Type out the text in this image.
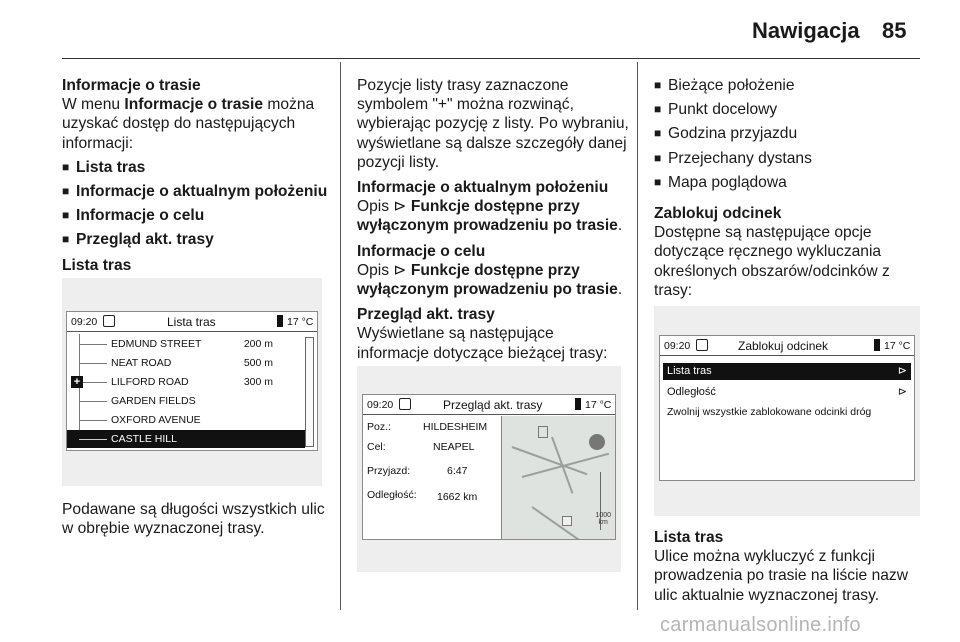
Nawigacja 85

Informacje o trasie

W menu Informacje o trasie można uzyskać dostęp do następujących informacji:

■ Lista tras
■ Informacje o aktualnym położeniu
■ Informacje o celu
■ Przegląd akt. trasy

Lista tras

09:20	Lista tras	17 °C
EDMUND STREET	200 m
NEAT ROAD	500 m
LILFORD ROAD	300 m
+
GARDEN FIELDS
OXFORD AVENUE
CASTLE HILL

Podawane są długości wszystkich ulic w obrębie wyznaczonej trasy.

Pozycje listy trasy zaznaczone symbolem "+" można rozwinąć, wybierając pozycję z listy. Po wybraniu, wyświetlane są dalsze szczegóły danej pozycji listy.

Informacje o aktualnym położeniu

Opis ⊳ Funkcje dostępne przy wyłączonym prowadzeniu po trasie.

Informacje o celu

Opis ⊳ Funkcje dostępne przy wyłączonym prowadzeniu po trasie.

Przegląd akt. trasy

Wyświetlane są następujące informacje dotyczące bieżącej trasy:

09:20	Przegląd akt. trasy	17 °C
Poz.:	HILDESHEIM
Cel:	NEAPEL
Przyjazd:	6:47
Odległość: 1662 km
1000
km
■ Bieżące położenie
■ Punkt docelowy
■ Godzina przyjazdu
■ Przejechany dystans
■ Mapa poglądowa

Zablokuj odcinek

Dostępne są następujące opcje dotyczące ręcznego wykluczania określonych obszarów/odcinków z trasy:

09:20	Zablokuj odcinek	17 °C
Lista tras	⊳
Odległość	⊳
Zwolnij wszystkie zablokowane odcinki dróg

Lista tras

Ulice można wykluczyć z funkcji prowadzenia po trasie na liście nazw ulic aktualnie wyznaczonej trasy.

carmanualsonline.info
